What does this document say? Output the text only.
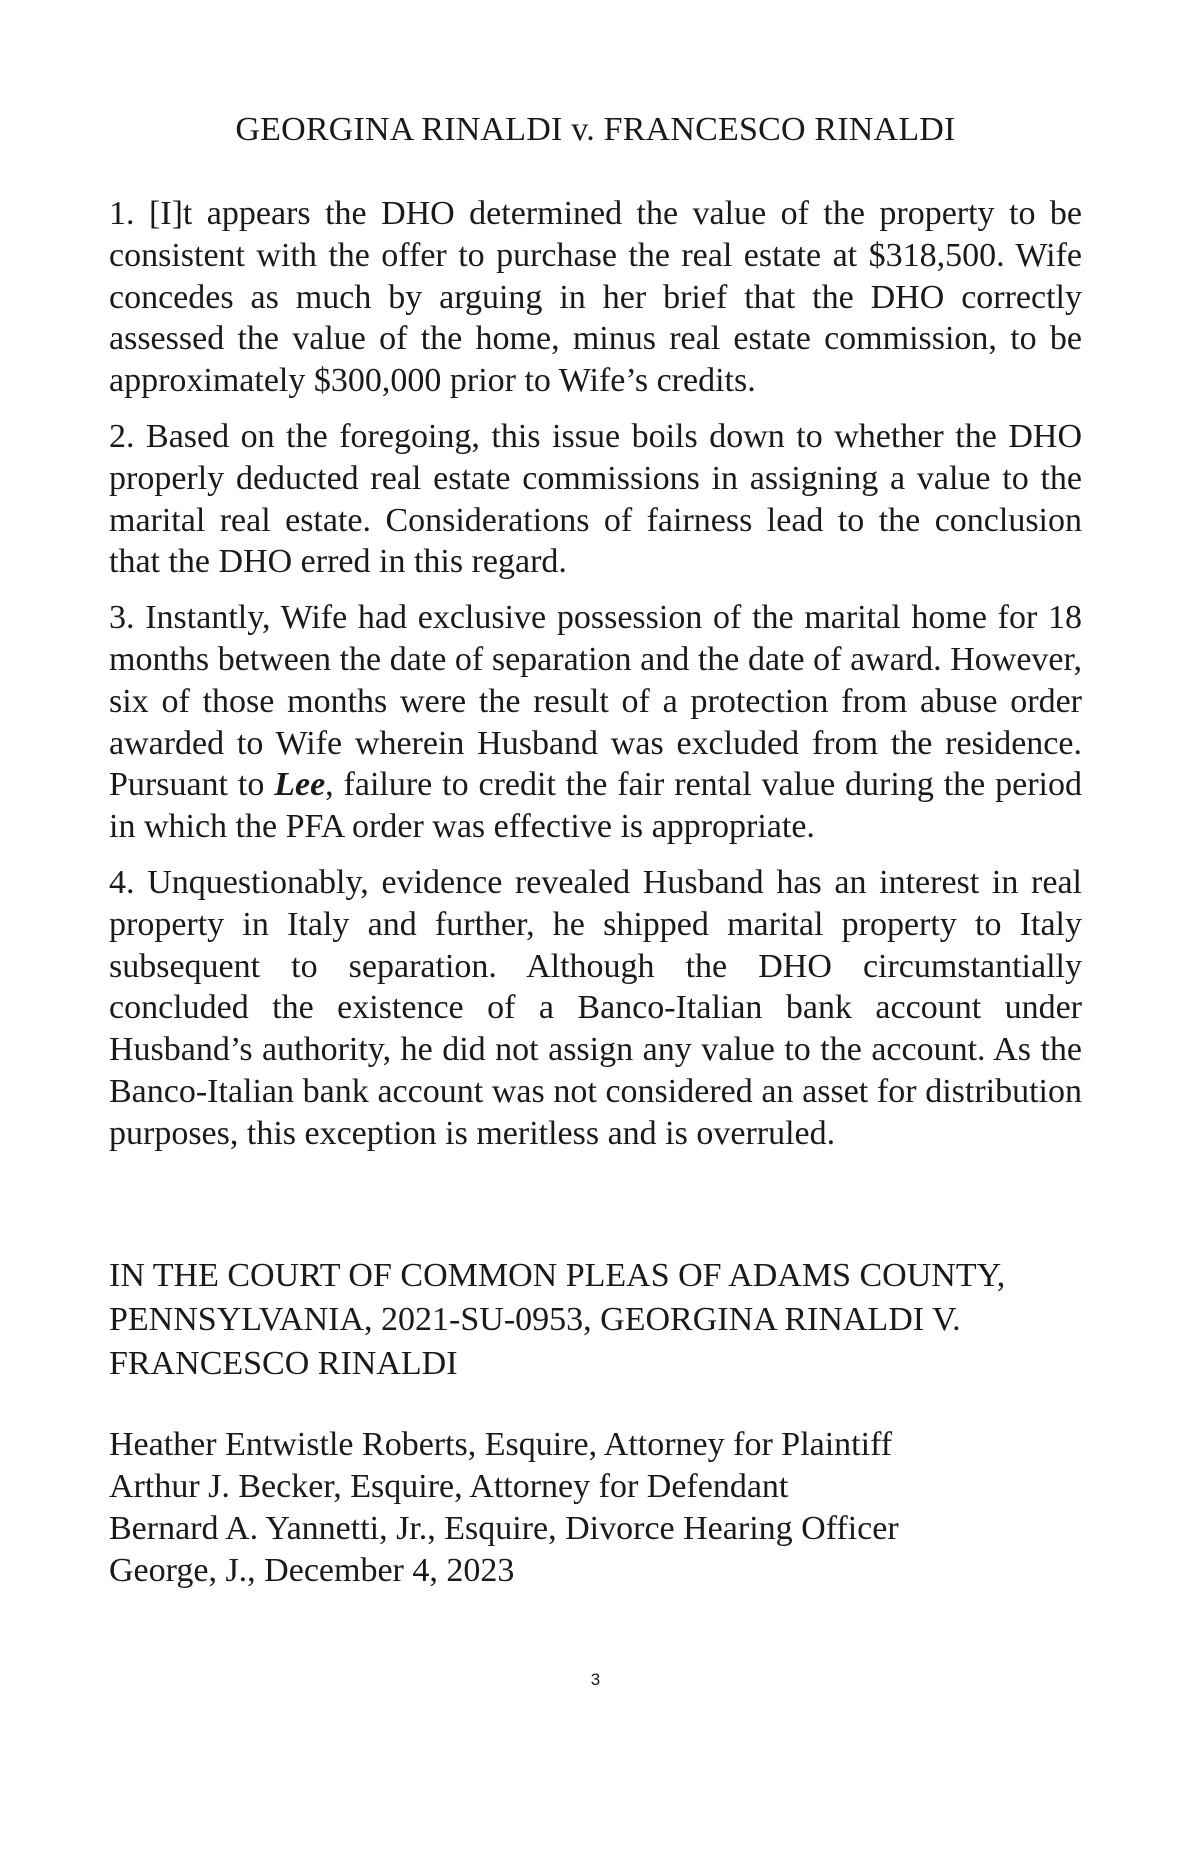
GEORGINA RINALDI v. FRANCESCO RINALDI

1. [I]t appears the DHO determined the value of the property to be consistent with the offer to purchase the real estate at $318,500. Wife concedes as much by arguing in her brief that the DHO correctly assessed the value of the home, minus real estate commission, to be approximately $300,000 prior to Wife’s credits.

2. Based on the foregoing, this issue boils down to whether the DHO properly deducted real estate commissions in assigning a value to the marital real estate. Considerations of fairness lead to the conclusion that the DHO erred in this regard.

3. Instantly, Wife had exclusive possession of the marital home for 18 months between the date of separation and the date of award. However, six of those months were the result of a protection from abuse order awarded to Wife wherein Husband was excluded from the residence. Pursuant to Lee, failure to credit the fair rental value during the period in which the PFA order was effective is appropriate.

4. Unquestionably, evidence revealed Husband has an interest in real property in Italy and further, he shipped marital property to Italy subsequent to separation. Although the DHO circumstantially concluded the existence of a Banco-Italian bank account under Husband’s authority, he did not assign any value to the account. As the Banco-Italian bank account was not considered an asset for distribution purposes, this exception is meritless and is overruled.

IN THE COURT OF COMMON PLEAS OF ADAMS COUNTY, PENNSYLVANIA, 2021-SU-0953, GEORGINA RINALDI V. FRANCESCO RINALDI
Heather Entwistle Roberts, Esquire, Attorney for Plaintiff
Arthur J. Becker, Esquire, Attorney for Defendant
Bernard A. Yannetti, Jr., Esquire, Divorce Hearing Officer
George, J., December 4, 2023
3
